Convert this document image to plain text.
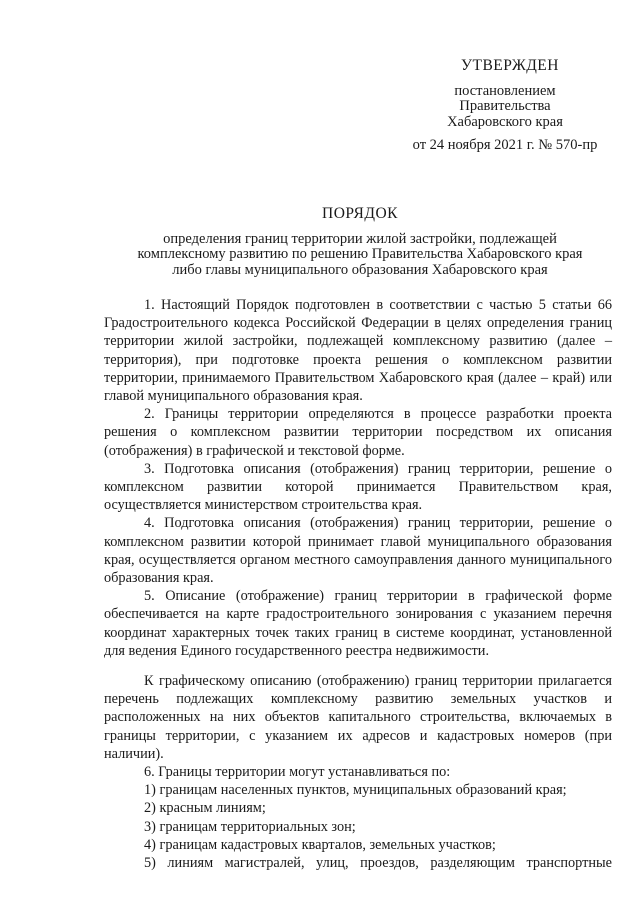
УТВЕРЖДЕН
постановлением
Правительства
Хабаровского края
от 24 ноября 2021 г. № 570-пр
ПОРЯДОК
определения границ территории жилой застройки, подлежащей
комплексному развитию по решению Правительства Хабаровского края
либо главы муниципального образования Хабаровского края

1. Настоящий Порядок подготовлен в соответствии с частью 5 статьи 66 Градостроительного кодекса Российской Федерации в целях определения границ территории жилой застройки, подлежащей комплексному развитию (далее – территория), при подготовке проекта решения о комплексном развитии территории, принимаемого Правительством Хабаровского края (далее – край) или главой муниципального образования края.

2. Границы территории определяются в процессе разработки проекта решения о комплексном развитии территории посредством их описания (отображения) в графической и текстовой форме.

3. Подготовка описания (отображения) границ территории, решение о комплексном развитии которой принимается Правительством края, осуществляется министерством строительства края.

4. Подготовка описания (отображения) границ территории, решение о комплексном развитии которой принимает главой муниципального образования края, осуществляется органом местного самоуправления данного муниципального образования края.

5. Описание (отображение) границ территории в графической форме обеспечивается на карте градостроительного зонирования с указанием перечня координат характерных точек таких границ в системе координат, установленной для ведения Единого государственного реестра недвижимости.

К графическому описанию (отображению) границ территории прилагается перечень подлежащих комплексному развитию земельных участков и расположенных на них объектов капитального строительства, включаемых в границы территории, с указанием их адресов и кадастровых номеров (при наличии).

6. Границы территории могут устанавливаться по:

1) границам населенных пунктов, муниципальных образований края;

2) красным линиям;

3) границам территориальных зон;

4) границам кадастровых кварталов, земельных участков;

5) линиям магистралей, улиц, проездов, разделяющим транспортные
